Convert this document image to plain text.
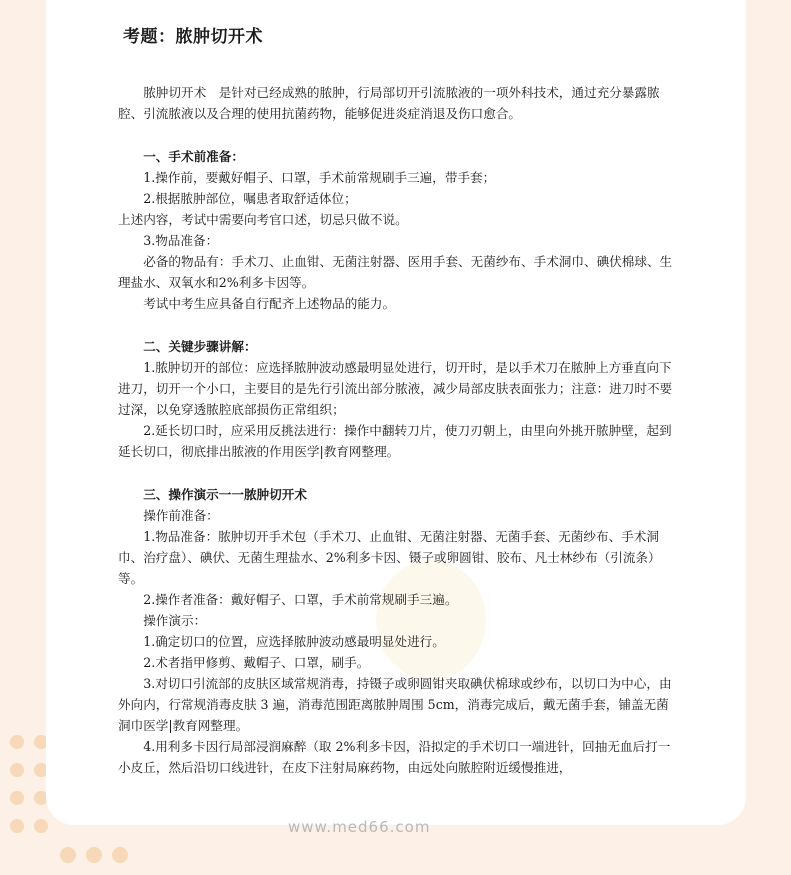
考题：脓肿切开术

脓肿切开术　是针对已经成熟的脓肿，行局部切开引流脓液的一项外科技术，通过充分暴露脓腔、引流脓液以及合理的使用抗菌药物，能够促进炎症消退及伤口愈合。

一、手术前准备：

1.操作前，要戴好帽子、口罩，手术前常规刷手三遍，带手套；

2.根据脓肿部位，嘱患者取舒适体位；

上述内容，考试中需要向考官口述，切忌只做不说。

3.物品准备：

必备的物品有：手术刀、止血钳、无菌注射器、医用手套、无菌纱布、手术洞巾、碘伏棉球、生理盐水、双氧水和2%利多卡因等。

考试中考生应具备自行配齐上述物品的能力。

二、关键步骤讲解：

1.脓肿切开的部位：应选择脓肿波动感最明显处进行，切开时，是以手术刀在脓肿上方垂直向下进刀，切开一个小口，主要目的是先行引流出部分脓液，减少局部皮肤表面张力；注意：进刀时不要过深，以免穿透脓腔底部损伤正常组织；

2.延长切口时，应采用反挑法进行：操作中翻转刀片，使刀刃朝上，由里向外挑开脓肿壁，起到延长切口，彻底排出脓液的作用医学|教育网整理。

三、操作演示一一脓肿切开术

操作前准备：

1.物品准备：脓肿切开手术包（手术刀、止血钳、无菌注射器、无菌手套、无菌纱布、手术洞巾、治疗盘）、碘伏、无菌生理盐水、2%利多卡因、镊子或卵圆钳、胶布、凡士林纱布（引流条）等。

2.操作者准备：戴好帽子、口罩，手术前常规刷手三遍。

操作演示：

1.确定切口的位置，应选择脓肿波动感最明显处进行。

2.术者指甲修剪、戴帽子、口罩，刷手。

3.对切口引流部的皮肤区域常规消毒，持镊子或卵圆钳夹取碘伏棉球或纱布，以切口为中心，由外向内，行常规消毒皮肤 3 遍，消毒范围距离脓肿周围 5cm，消毒完成后，戴无菌手套，铺盖无菌洞巾医学|教育网整理。

4.用利多卡因行局部浸润麻醉（取 2%利多卡因，沿拟定的手术切口一端进针，回抽无血后打一小皮丘，然后沿切口线进针，在皮下注射局麻药物，由远处向脓腔附近缓慢推进，

www.med66.com
